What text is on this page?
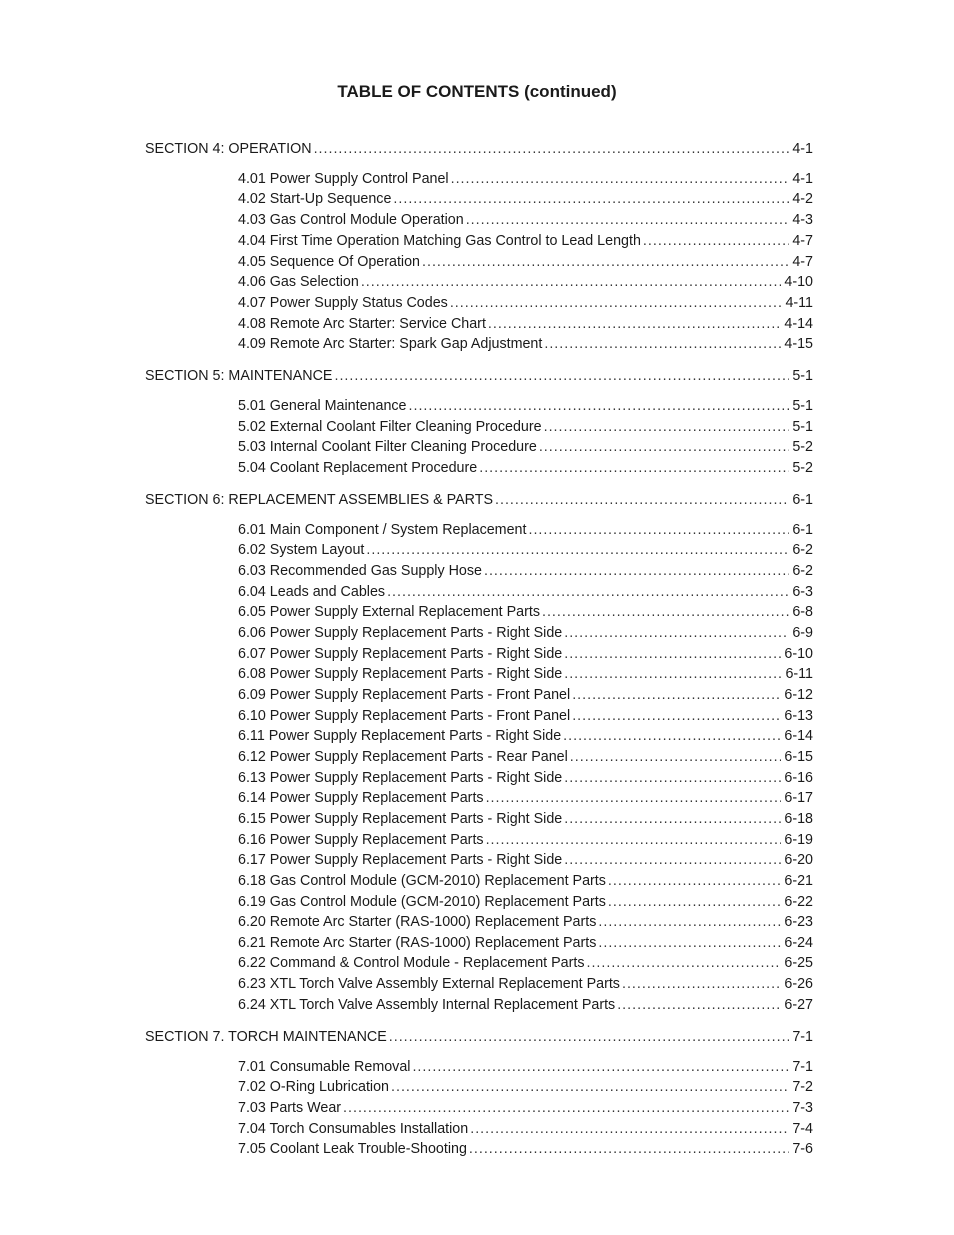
TABLE OF CONTENTS (continued)
SECTION 4: OPERATION .....	4-1
4.01 Power Supply Control Panel .....	4-1
4.02 Start-Up Sequence .....	4-2
4.03 Gas Control Module Operation .....	4-3
4.04 First Time Operation Matching Gas Control to Lead Length .....	4-7
4.05 Sequence Of Operation .....	4-7
4.06 Gas Selection .....	4-10
4.07 Power Supply Status Codes .....	4-11
4.08 Remote Arc Starter: Service Chart .....	4-14
4.09 Remote Arc Starter: Spark Gap Adjustment .....	4-15
SECTION 5: MAINTENANCE .....	5-1
5.01 General Maintenance .....	5-1
5.02 External Coolant Filter Cleaning Procedure .....	5-1
5.03 Internal Coolant Filter Cleaning Procedure .....	5-2
5.04 Coolant Replacement Procedure .....	5-2
SECTION 6: REPLACEMENT ASSEMBLIES & PARTS .....	6-1
6.01 Main Component / System Replacement .....	6-1
6.02 System Layout .....	6-2
6.03 Recommended Gas Supply Hose .....	6-2
6.04 Leads and Cables .....	6-3
6.05 Power Supply External Replacement Parts .....	6-8
6.06 Power Supply Replacement Parts - Right Side .....	6-9
6.07 Power Supply Replacement Parts - Right Side .....	6-10
6.08 Power Supply Replacement Parts - Right Side .....	6-11
6.09 Power Supply Replacement Parts - Front Panel .....	6-12
6.10 Power Supply Replacement Parts - Front Panel .....	6-13
6.11 Power Supply Replacement Parts - Right Side .....	6-14
6.12 Power Supply Replacement Parts - Rear Panel .....	6-15
6.13 Power Supply Replacement Parts - Right Side .....	6-16
6.14 Power Supply Replacement Parts .....	6-17
6.15 Power Supply Replacement Parts - Right Side .....	6-18
6.16 Power Supply Replacement Parts .....	6-19
6.17 Power Supply Replacement Parts - Right Side .....	6-20
6.18 Gas Control Module (GCM-2010) Replacement Parts .....	6-21
6.19 Gas Control Module (GCM-2010) Replacement Parts .....	6-22
6.20 Remote Arc Starter (RAS-1000) Replacement Parts .....	6-23
6.21 Remote Arc Starter (RAS-1000) Replacement Parts .....	6-24
6.22 Command & Control Module - Replacement Parts .....	6-25
6.23 XTL Torch Valve Assembly External Replacement Parts .....	6-26
6.24 XTL Torch Valve Assembly Internal Replacement Parts .....	6-27
SECTION 7. TORCH MAINTENANCE .....	7-1
7.01 Consumable Removal .....	7-1
7.02 O-Ring Lubrication .....	7-2
7.03 Parts Wear .....	7-3
7.04 Torch Consumables Installation .....	7-4
7.05 Coolant Leak Trouble-Shooting .....	7-6
